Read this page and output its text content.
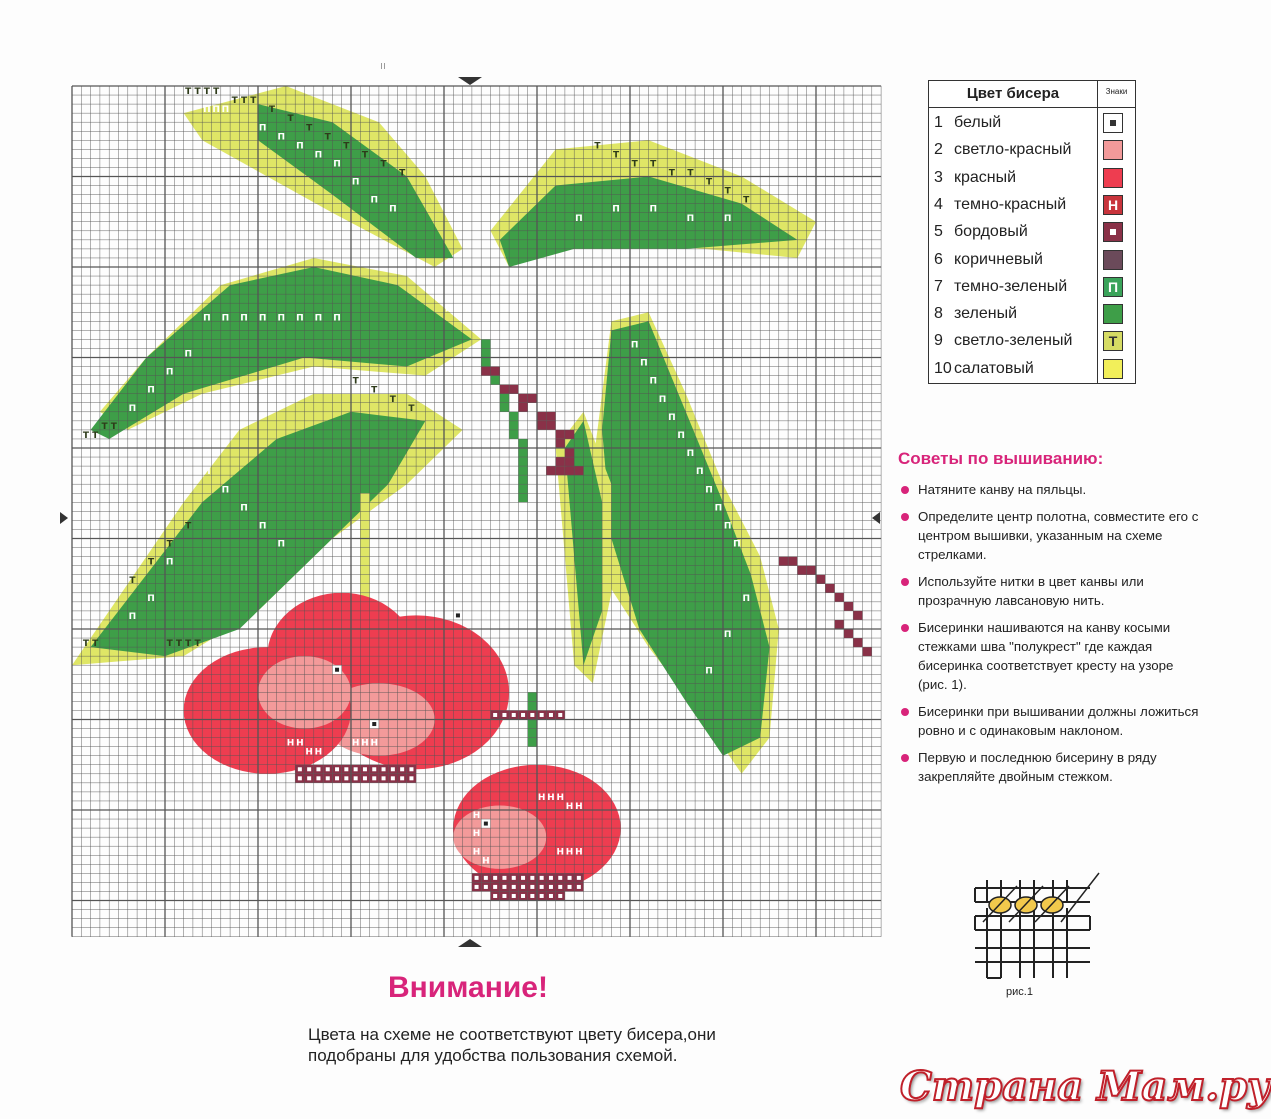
П П П
П
П
П
П
П
П
П
П
П П П П П П П П
П
П
П
П
П
П
П
П
П
П
П
П
П
П
П
П
П
П
П
П
П
П
П
П
П
П
П
П
П	П
П	П
П
П
Т Т Т Т
Т Т Т
Т
Т
Т
Т
Т
Т
Т
Т
Т Т
Т Т
Т Т	Т Т Т Т
Т
Т
Т Т
Т Т
Т
Т
Т
Т
Т
Т
Т
Т
Т
Т
Т
Н Н Н Н Н
Н Н
Н
Н Н
Н Н
Н Н Н Н Н
Н Н
Н Н
Н Н
Н Н Н
Н
Н
Н
Н
Н Н Н
Н Н
Н Н Н
ıı
Цвет бисера	Знаки
1 белый
2 светло-красный
3 красный
4 темно-красный	Н
5 бордовый
6 коричневый
7 темно-зеленый	П
8 зеленый
9 светло-зеленый	Т
10 салатовый
Советы по вышиванию:
Натяните канву на пяльцы.
Определите центр полотна, совместите его с центром вышивки, указанным на схеме стрелками.
Используйте нитки в цвет канвы или прозрачную лавсановую нить.
Бисеринки нашиваются на канву косыми стежками шва "полукрест" где каждая бисеринка соответствует кресту на узоре (рис. 1).
Бисеринки при вышивании должны ложиться ровно и с одинаковым наклоном.
Первую и последнюю бисерину в ряду закрепляйте двойным стежком.
рис.1
Внимание!
Цвета на схеме не соответствуют цвету бисера,они подобраны для удобства пользования схемой.
Страна Мам.ру
